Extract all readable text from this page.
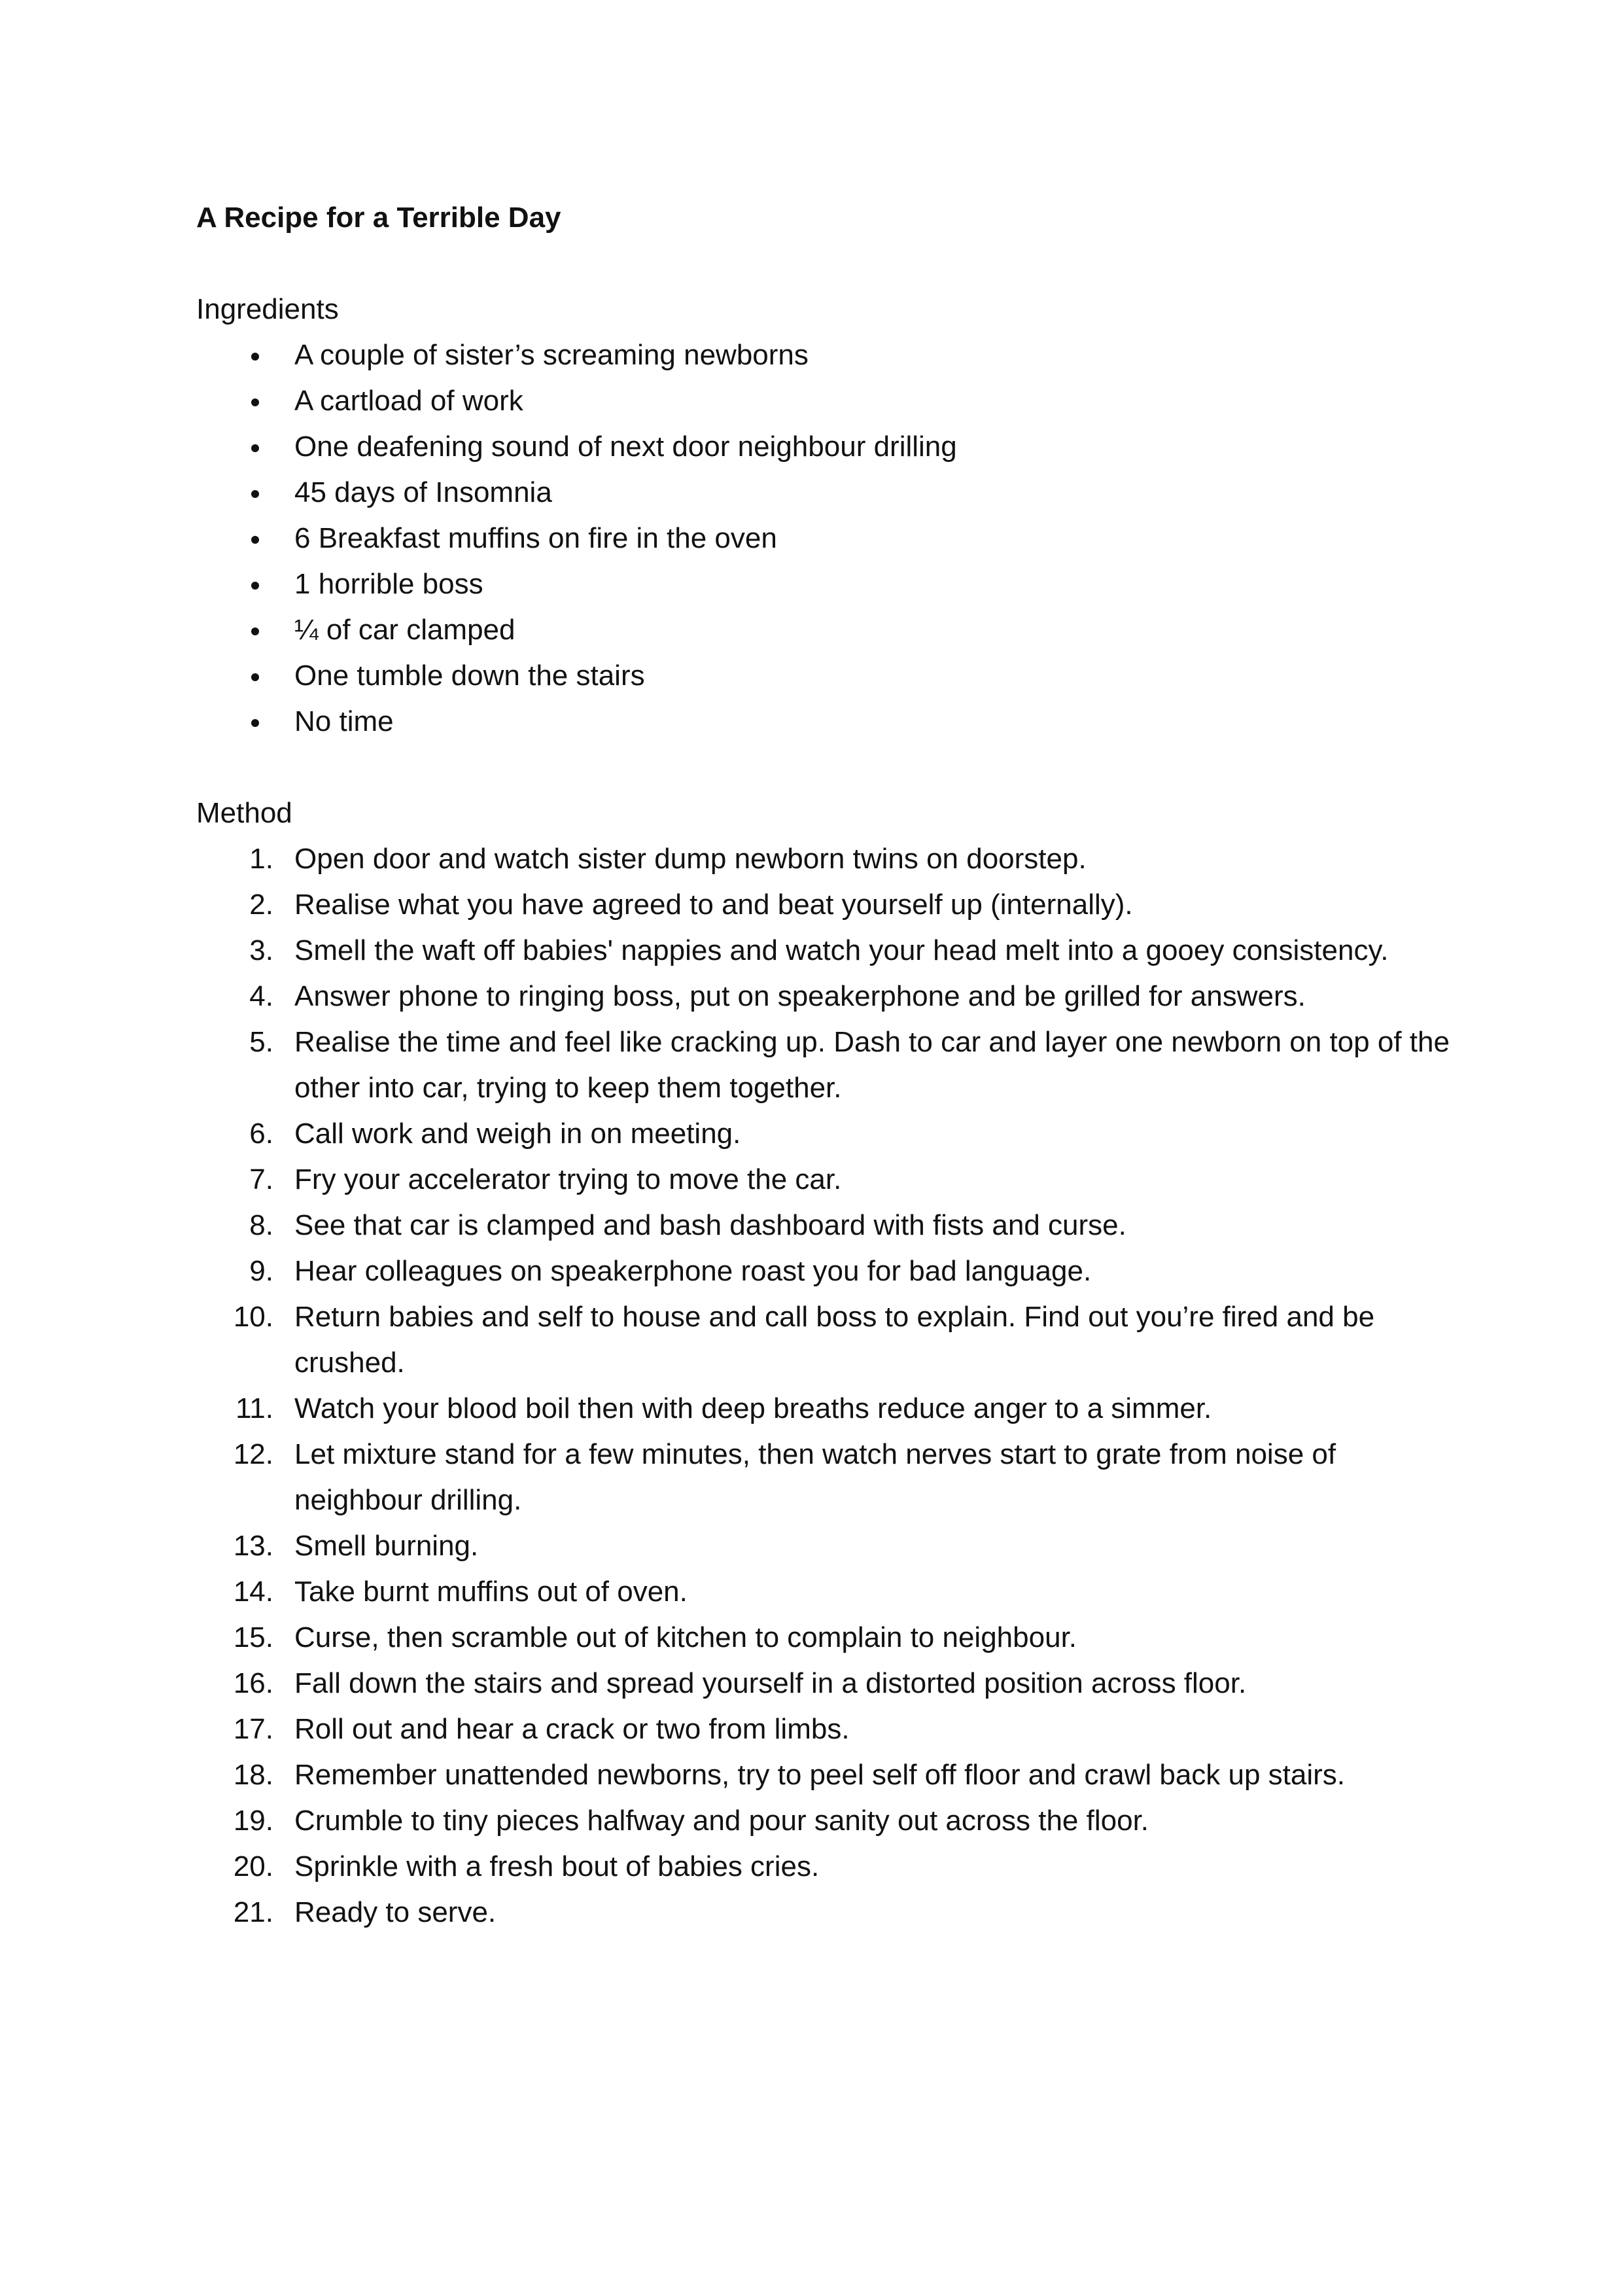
A Recipe for a Terrible Day
Ingredients
A couple of sister’s screaming newborns
A cartload of work
One deafening sound of next door neighbour drilling
45 days of Insomnia
6 Breakfast muffins on fire in the oven
1 horrible boss
¼ of car clamped
One tumble down the stairs
No time
Method
1. Open door and watch sister dump newborn twins on doorstep.
2. Realise what you have agreed to and beat yourself up (internally).
3. Smell the waft off babies' nappies and watch your head melt into a gooey consistency.
4. Answer phone to ringing boss, put on speakerphone and be grilled for answers.
5. Realise the time and feel like cracking up. Dash to car and layer one newborn on top of the other into car, trying to keep them together.
6. Call work and weigh in on meeting.
7. Fry your accelerator trying to move the car.
8. See that car is clamped and bash dashboard with fists and curse.
9. Hear colleagues on speakerphone roast you for bad language.
10. Return babies and self to house and call boss to explain. Find out you’re fired and be crushed.
11. Watch your blood boil then with deep breaths reduce anger to a simmer.
12. Let mixture stand for a few minutes, then watch nerves start to grate from noise of neighbour drilling.
13. Smell burning.
14. Take burnt muffins out of oven.
15. Curse, then scramble out of kitchen to complain to neighbour.
16. Fall down the stairs and spread yourself in a distorted position across floor.
17. Roll out and hear a crack or two from limbs.
18. Remember unattended newborns, try to peel self off floor and crawl back up stairs.
19. Crumble to tiny pieces halfway and pour sanity out across the floor.
20. Sprinkle with a fresh bout of babies cries.
21. Ready to serve.
